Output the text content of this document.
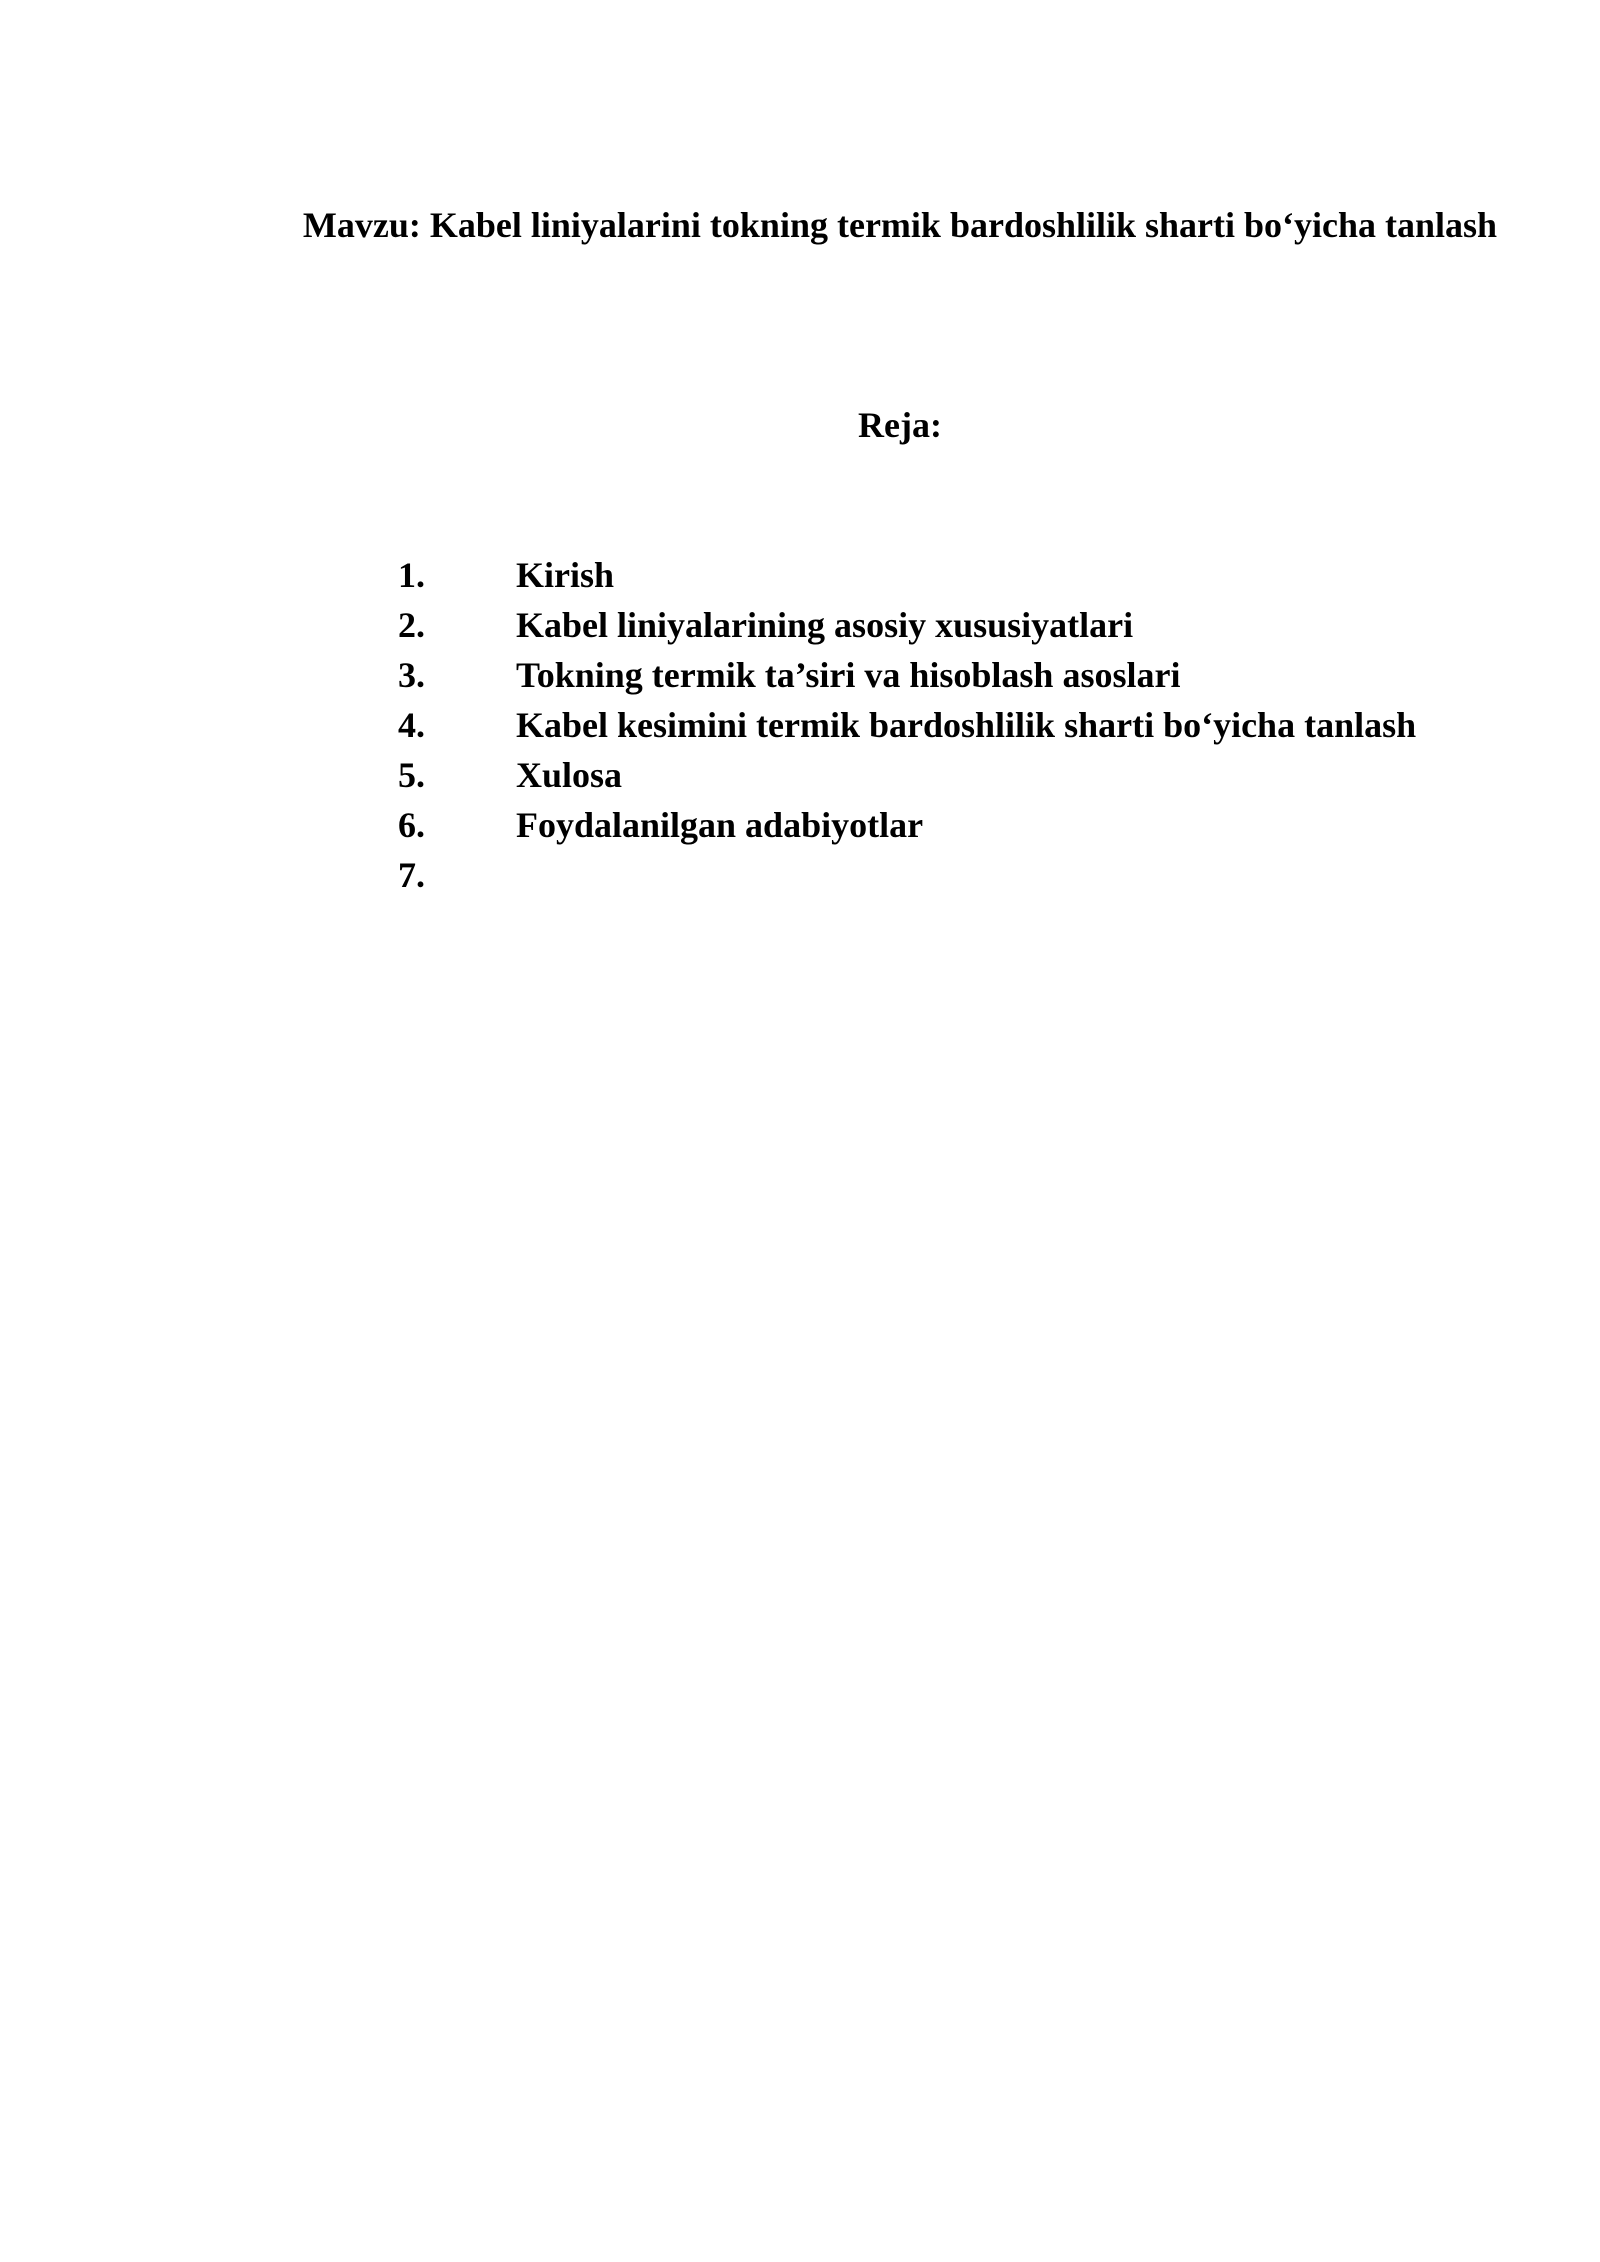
Mavzu: Kabel liniyalarini tokning termik bardoshlilik sharti bo‘yicha tanlash
Reja:
1.	Kirish
2.	Kabel liniyalarining asosiy xususiyatlari
3.	Tokning termik ta’siri va hisoblash asoslari
4.	Kabel kesimini termik bardoshlilik sharti bo‘yicha tanlash
5.	Xulosa
6.	Foydalanilgan adabiyotlar
7.
